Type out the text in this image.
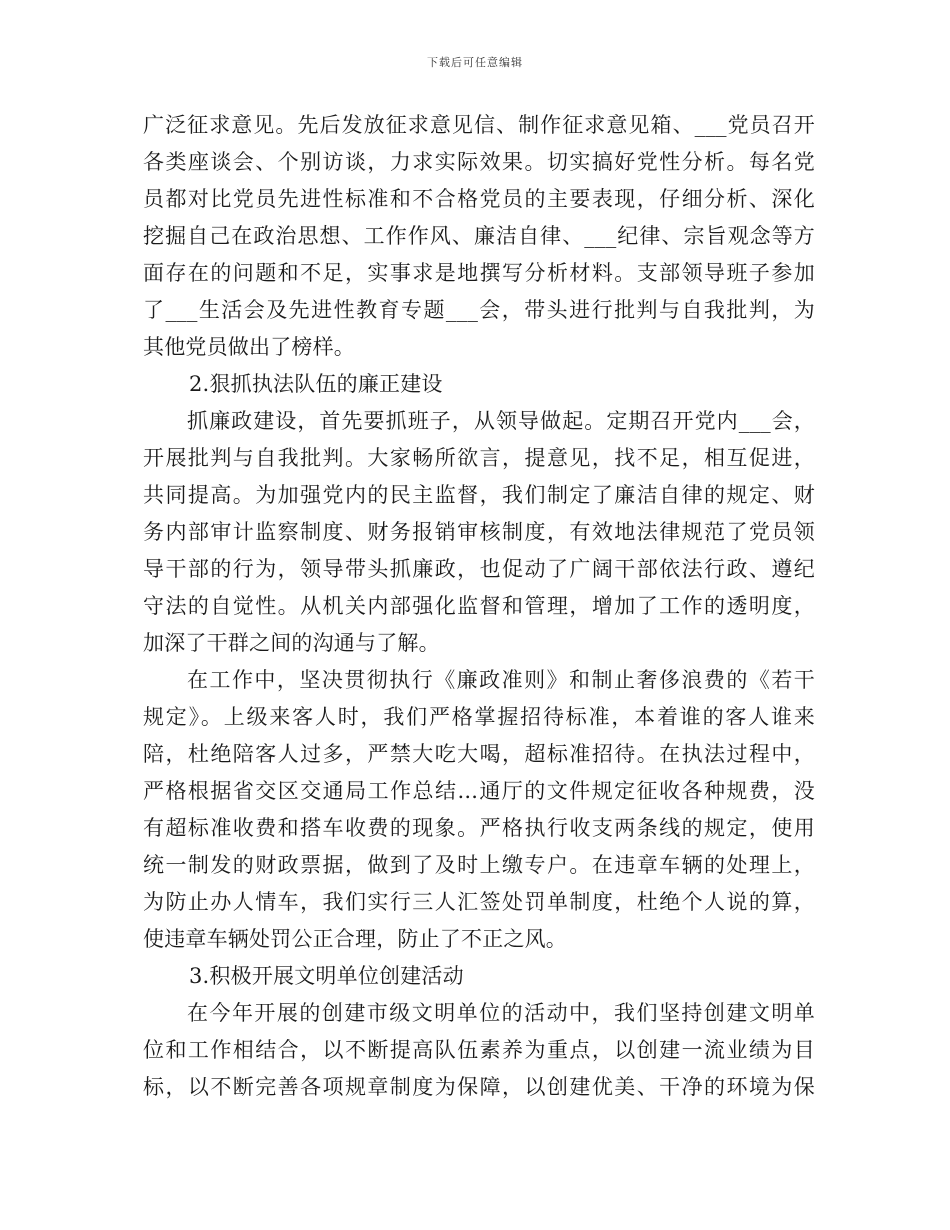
下载后可任意编辑
广泛征求意见。先后发放征求意见信、制作征求意见箱、___党员召开
各类座谈会、个别访谈，力求实际效果。切实搞好党性分析。每名党
员都对比党员先进性标准和不合格党员的主要表现，仔细分析、深化
挖掘自己在政治思想、工作作风、廉洁自律、___纪律、宗旨观念等方
面存在的问题和不足，实事求是地撰写分析材料。支部领导班子参加
了___生活会及先进性教育专题___会，带头进行批判与自我批判，为
其他党员做出了榜样。
2.狠抓执法队伍的廉正建设
抓廉政建设，首先要抓班子，从领导做起。定期召开党内___会，
开展批判与自我批判。大家畅所欲言，提意见，找不足，相互促进，
共同提高。为加强党内的民主监督，我们制定了廉洁自律的规定、财
务内部审计监察制度、财务报销审核制度，有效地法律规范了党员领
导干部的行为，领导带头抓廉政，也促动了广阔干部依法行政、遵纪
守法的自觉性。从机关内部强化监督和管理，增加了工作的透明度，
加深了干群之间的沟通与了解。
在工作中，坚决贯彻执行《廉政准则》和制止奢侈浪费的《若干
规定》。上级来客人时，我们严格掌握招待标准，本着谁的客人谁来
陪，杜绝陪客人过多，严禁大吃大喝，超标准招待。在执法过程中，
严格根据省交区交通局工作总结...通厅的文件规定征收各种规费，没
有超标准收费和搭车收费的现象。严格执行收支两条线的规定，使用
统一制发的财政票据，做到了及时上缴专户。在违章车辆的处理上，
为防止办人情车，我们实行三人汇签处罚单制度，杜绝个人说的算，
使违章车辆处罚公正合理，防止了不正之风。
3.积极开展文明单位创建活动
在今年开展的创建市级文明单位的活动中，我们坚持创建文明单
位和工作相结合，以不断提高队伍素养为重点，以创建一流业绩为目
标，以不断完善各项规章制度为保障，以创建优美、干净的环境为保
